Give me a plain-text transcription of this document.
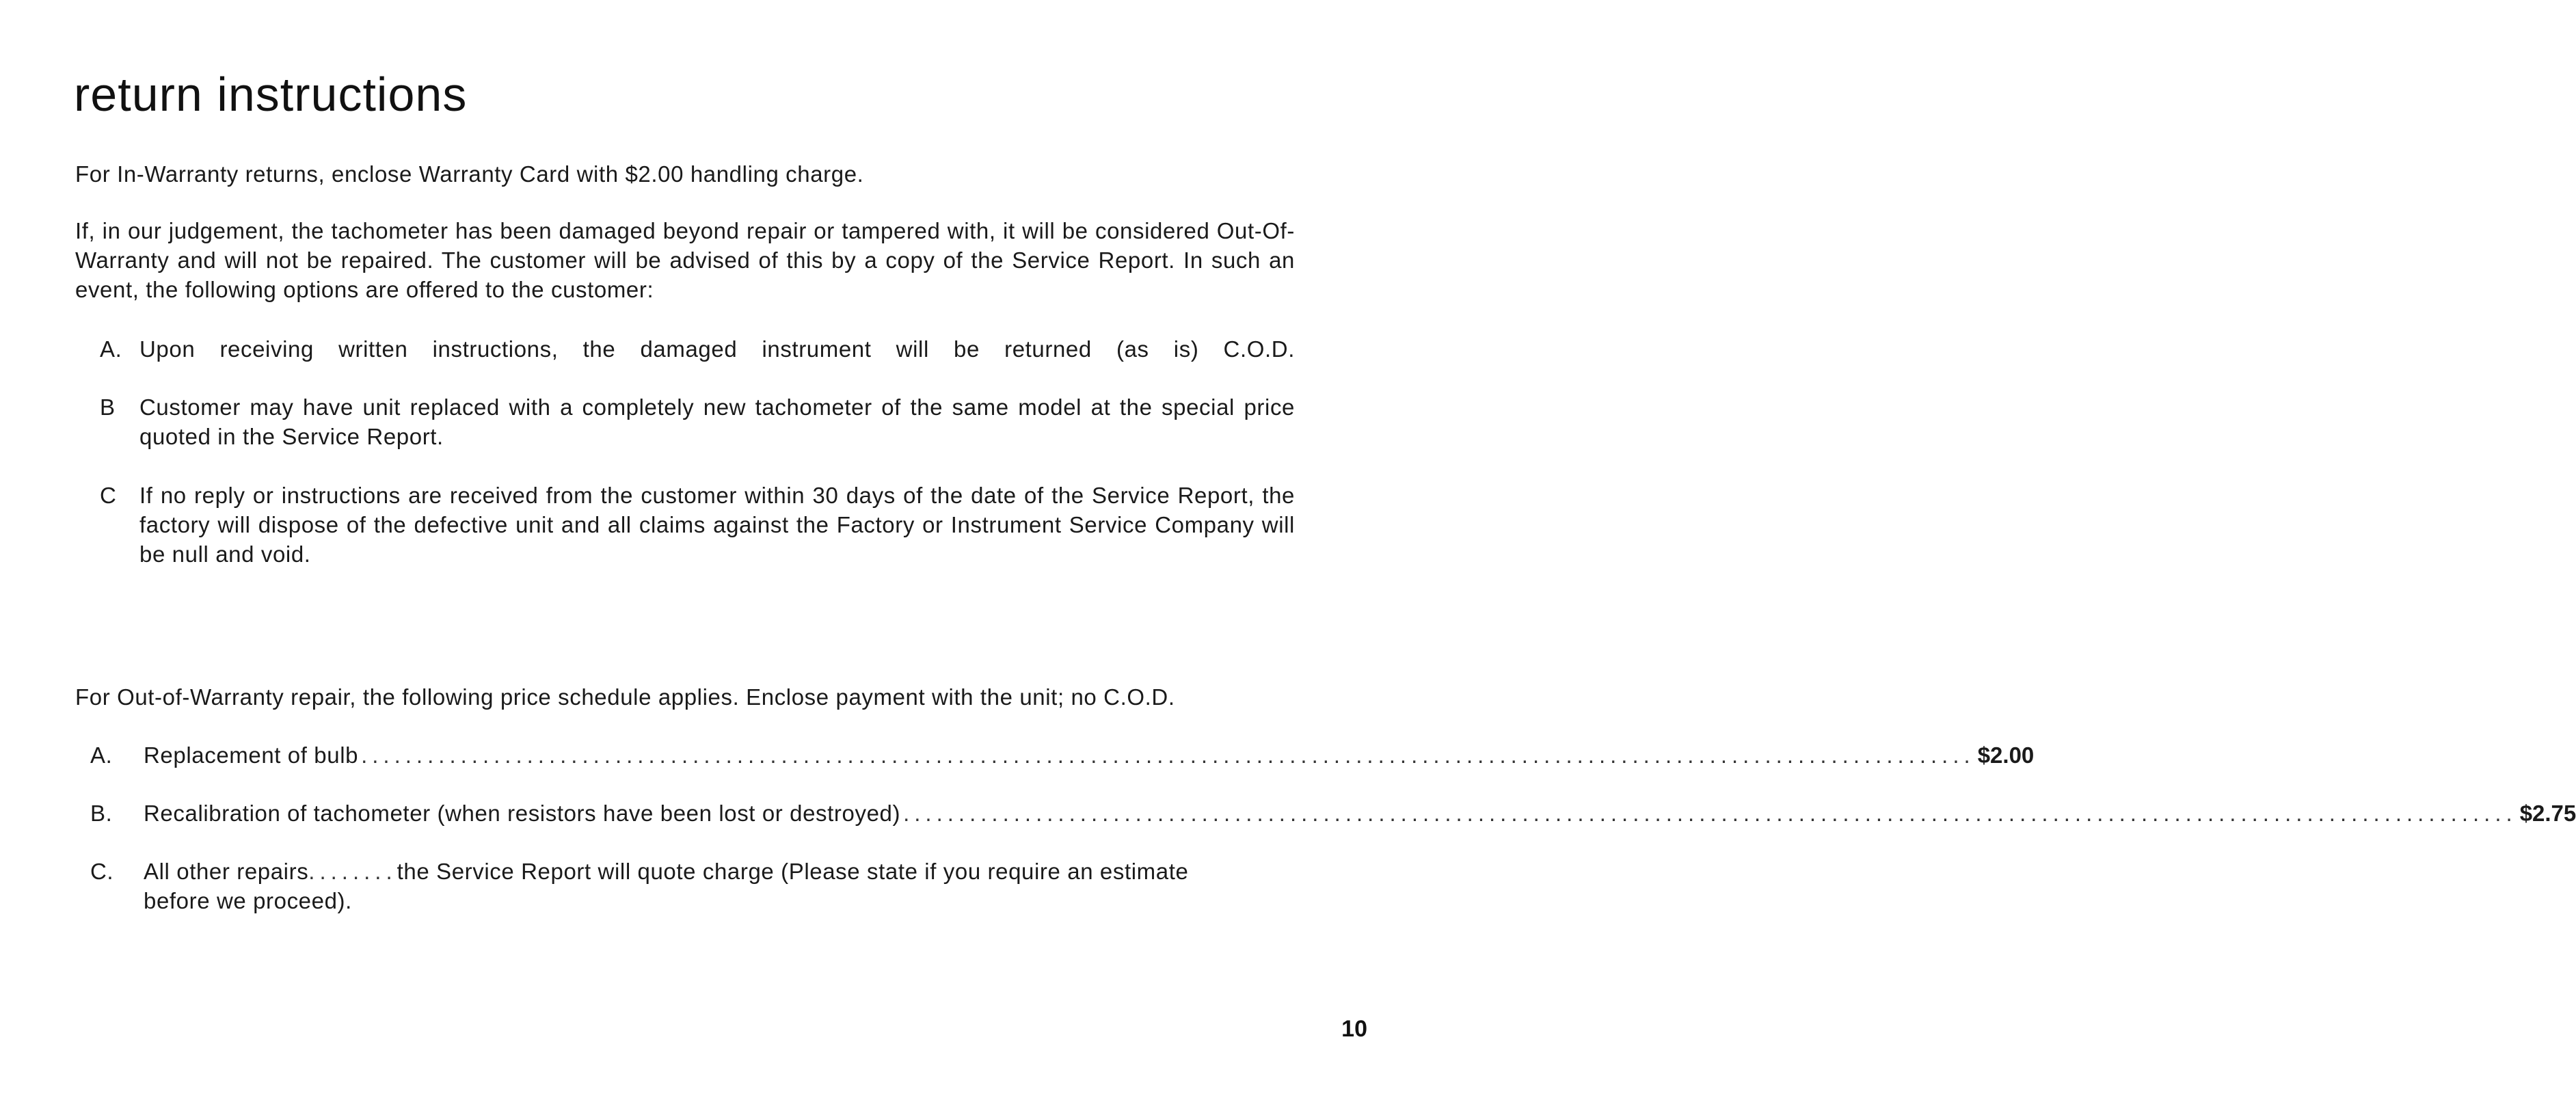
return instructions

For In-Warranty returns, enclose Warranty Card with $2.00 handling charge.

If, in our judgement, the tachometer has been damaged beyond repair or tampered with, it will be considered Out-Of-Warranty and will not be repaired. The customer will be advised of this by a copy of the Service Report. In such an event, the following options are offered to the customer:

A. Upon receiving written instructions, the damaged instrument will be returned (as is) C.O.D.
B Customer may have unit replaced with a completely new tachometer of the same model at the special price quoted in the Service Report.
C If no reply or instructions are received from the customer within 30 days of the date of the Service Report, the factory will dispose of the defective unit and all claims against the Factory or Instrument Service Company will be null and void.

For Out-of-Warranty repair, the following price schedule applies. Enclose payment with the unit; no C.O.D.

A. Replacement of bulb .................................................................................................................................................. $2.00
B. Recalibration of tachometer (when resistors have been lost or destroyed) .................................................................................................................................................. $2.75
C. All other repairs ........ the Service Report will quote charge (Please state if you require an estimate
before we proceed).
10
